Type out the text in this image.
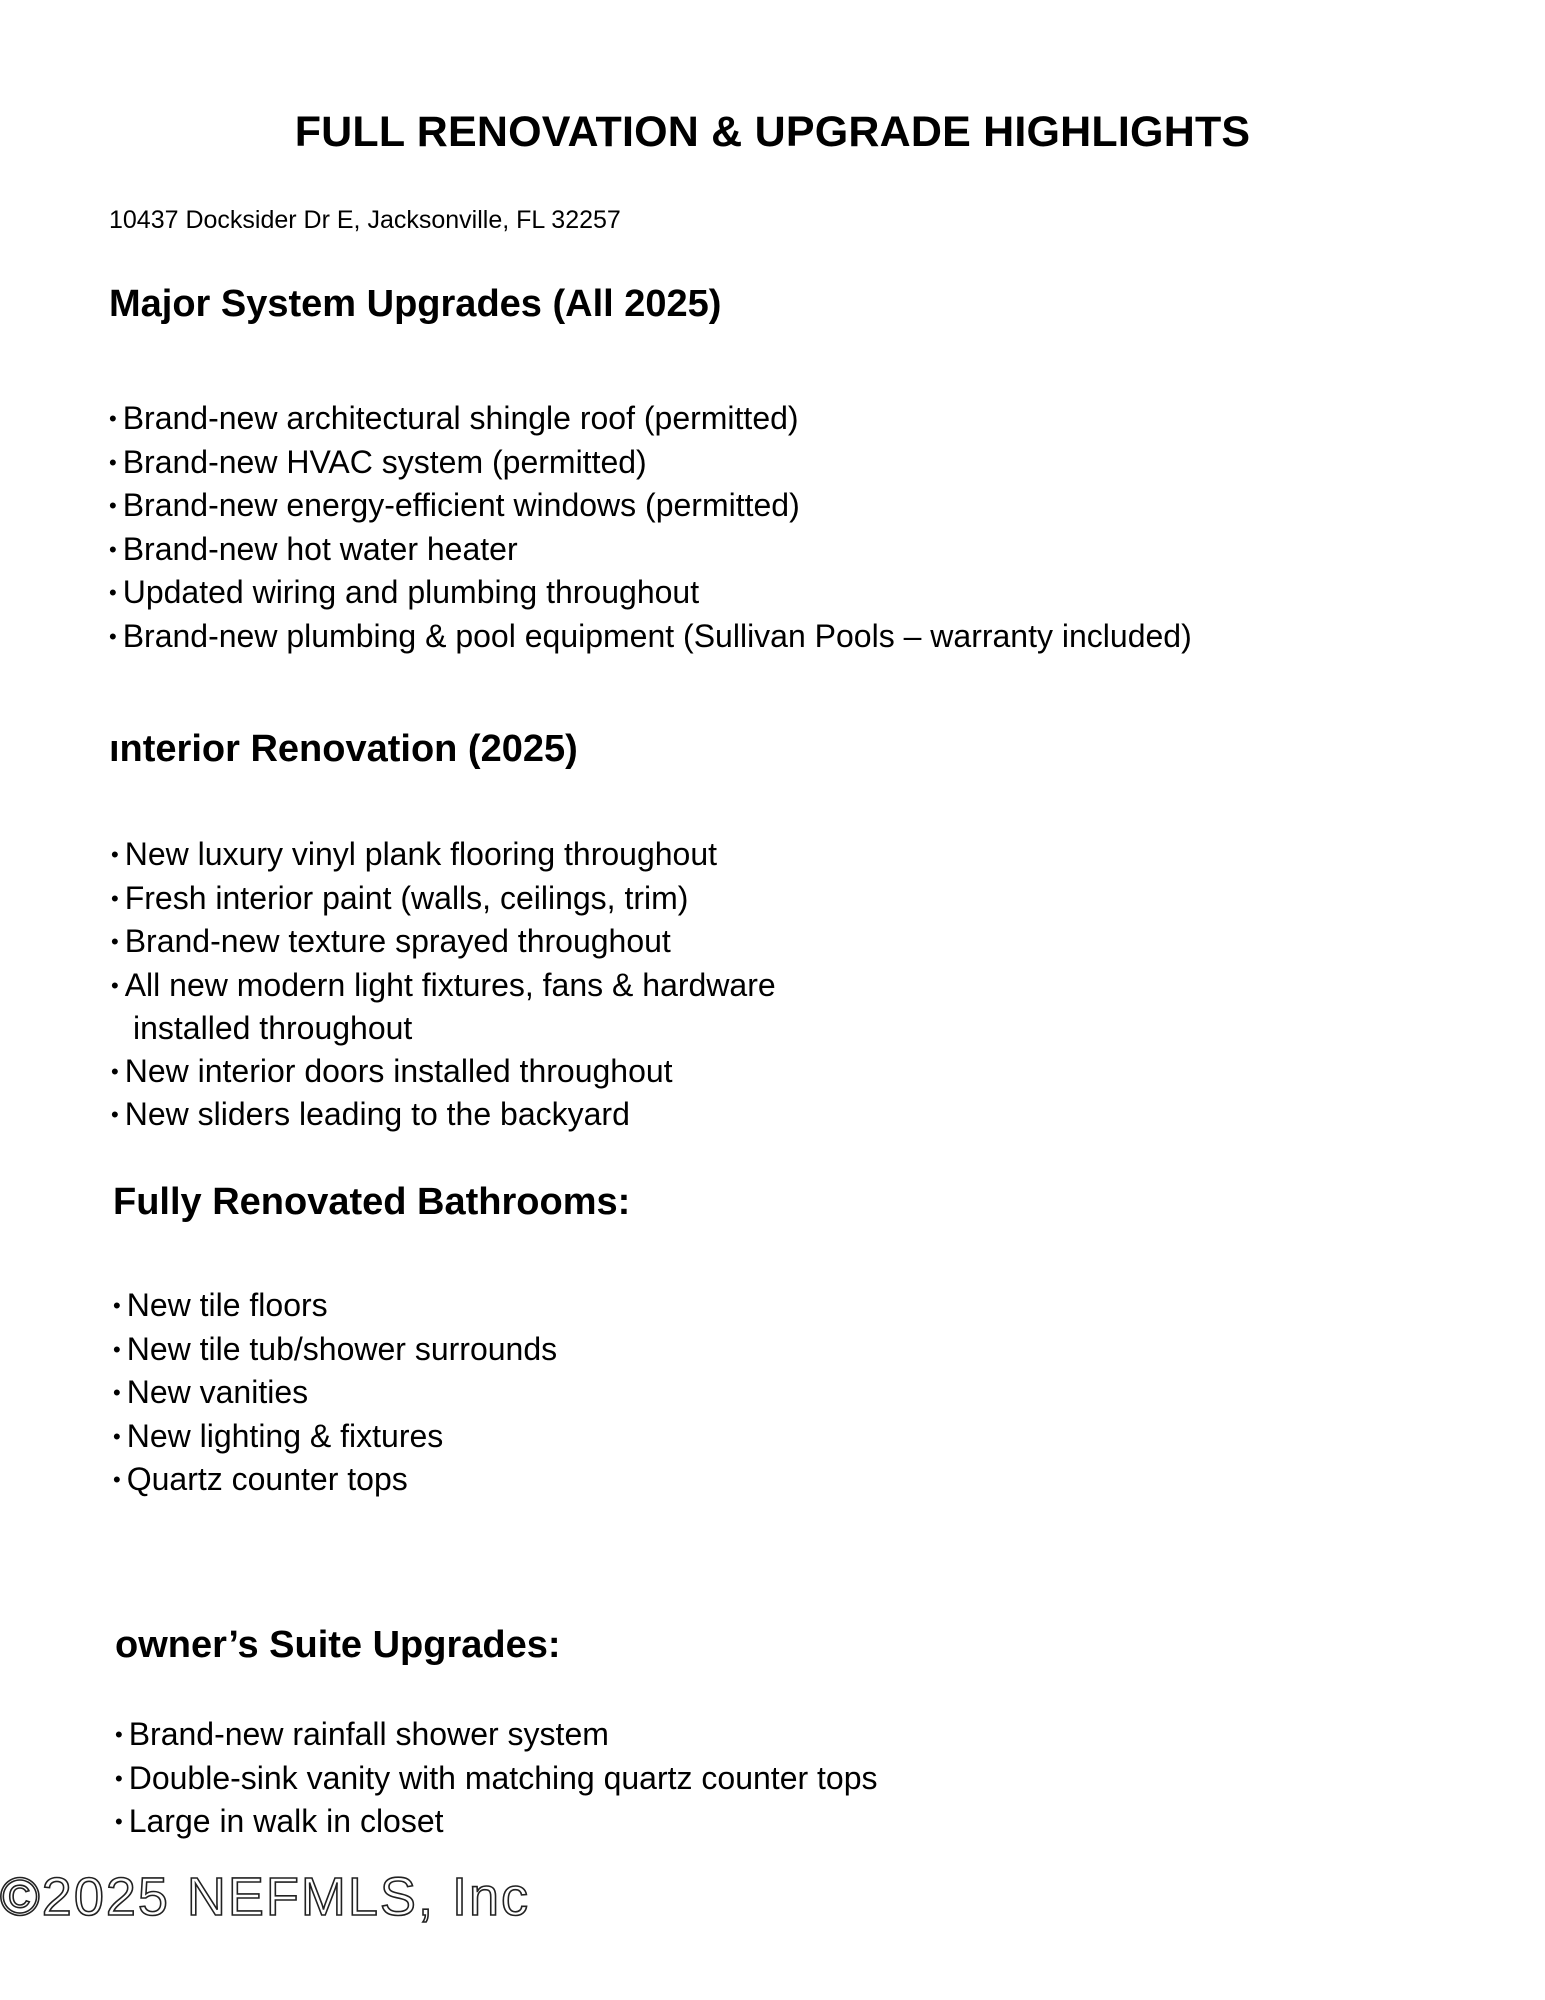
FULL RENOVATION & UPGRADE HIGHLIGHTS

10437 Docksider Dr E, Jacksonville, FL 32257

Major System Upgrades (All 2025)
• Brand-new architectural shingle roof (permitted)
• Brand-new HVAC system (permitted)
• Brand-new energy-efficient windows (permitted)
• Brand-new hot water heater
• Updated wiring and plumbing throughout
• Brand-new plumbing & pool equipment (Sullivan Pools – warranty included)
ınterior Renovation (2025)
• New luxury vinyl plank flooring throughout
• Fresh interior paint (walls, ceilings, trim)
• Brand-new texture sprayed throughout
• All new modern light fixtures, fans & hardware
installed throughout
• New interior doors installed throughout
• New sliders leading to the backyard
Fully Renovated Bathrooms:
• New tile floors
• New tile tub/shower surrounds
• New vanities
• New lighting & fixtures
• Quartz counter tops
ᴏwner’s Suite Upgrades:
• Brand-new rainfall shower system
• Double-sink vanity with matching quartz counter tops
• Large in walk in closet

©2025 NEFMLS, Inc
